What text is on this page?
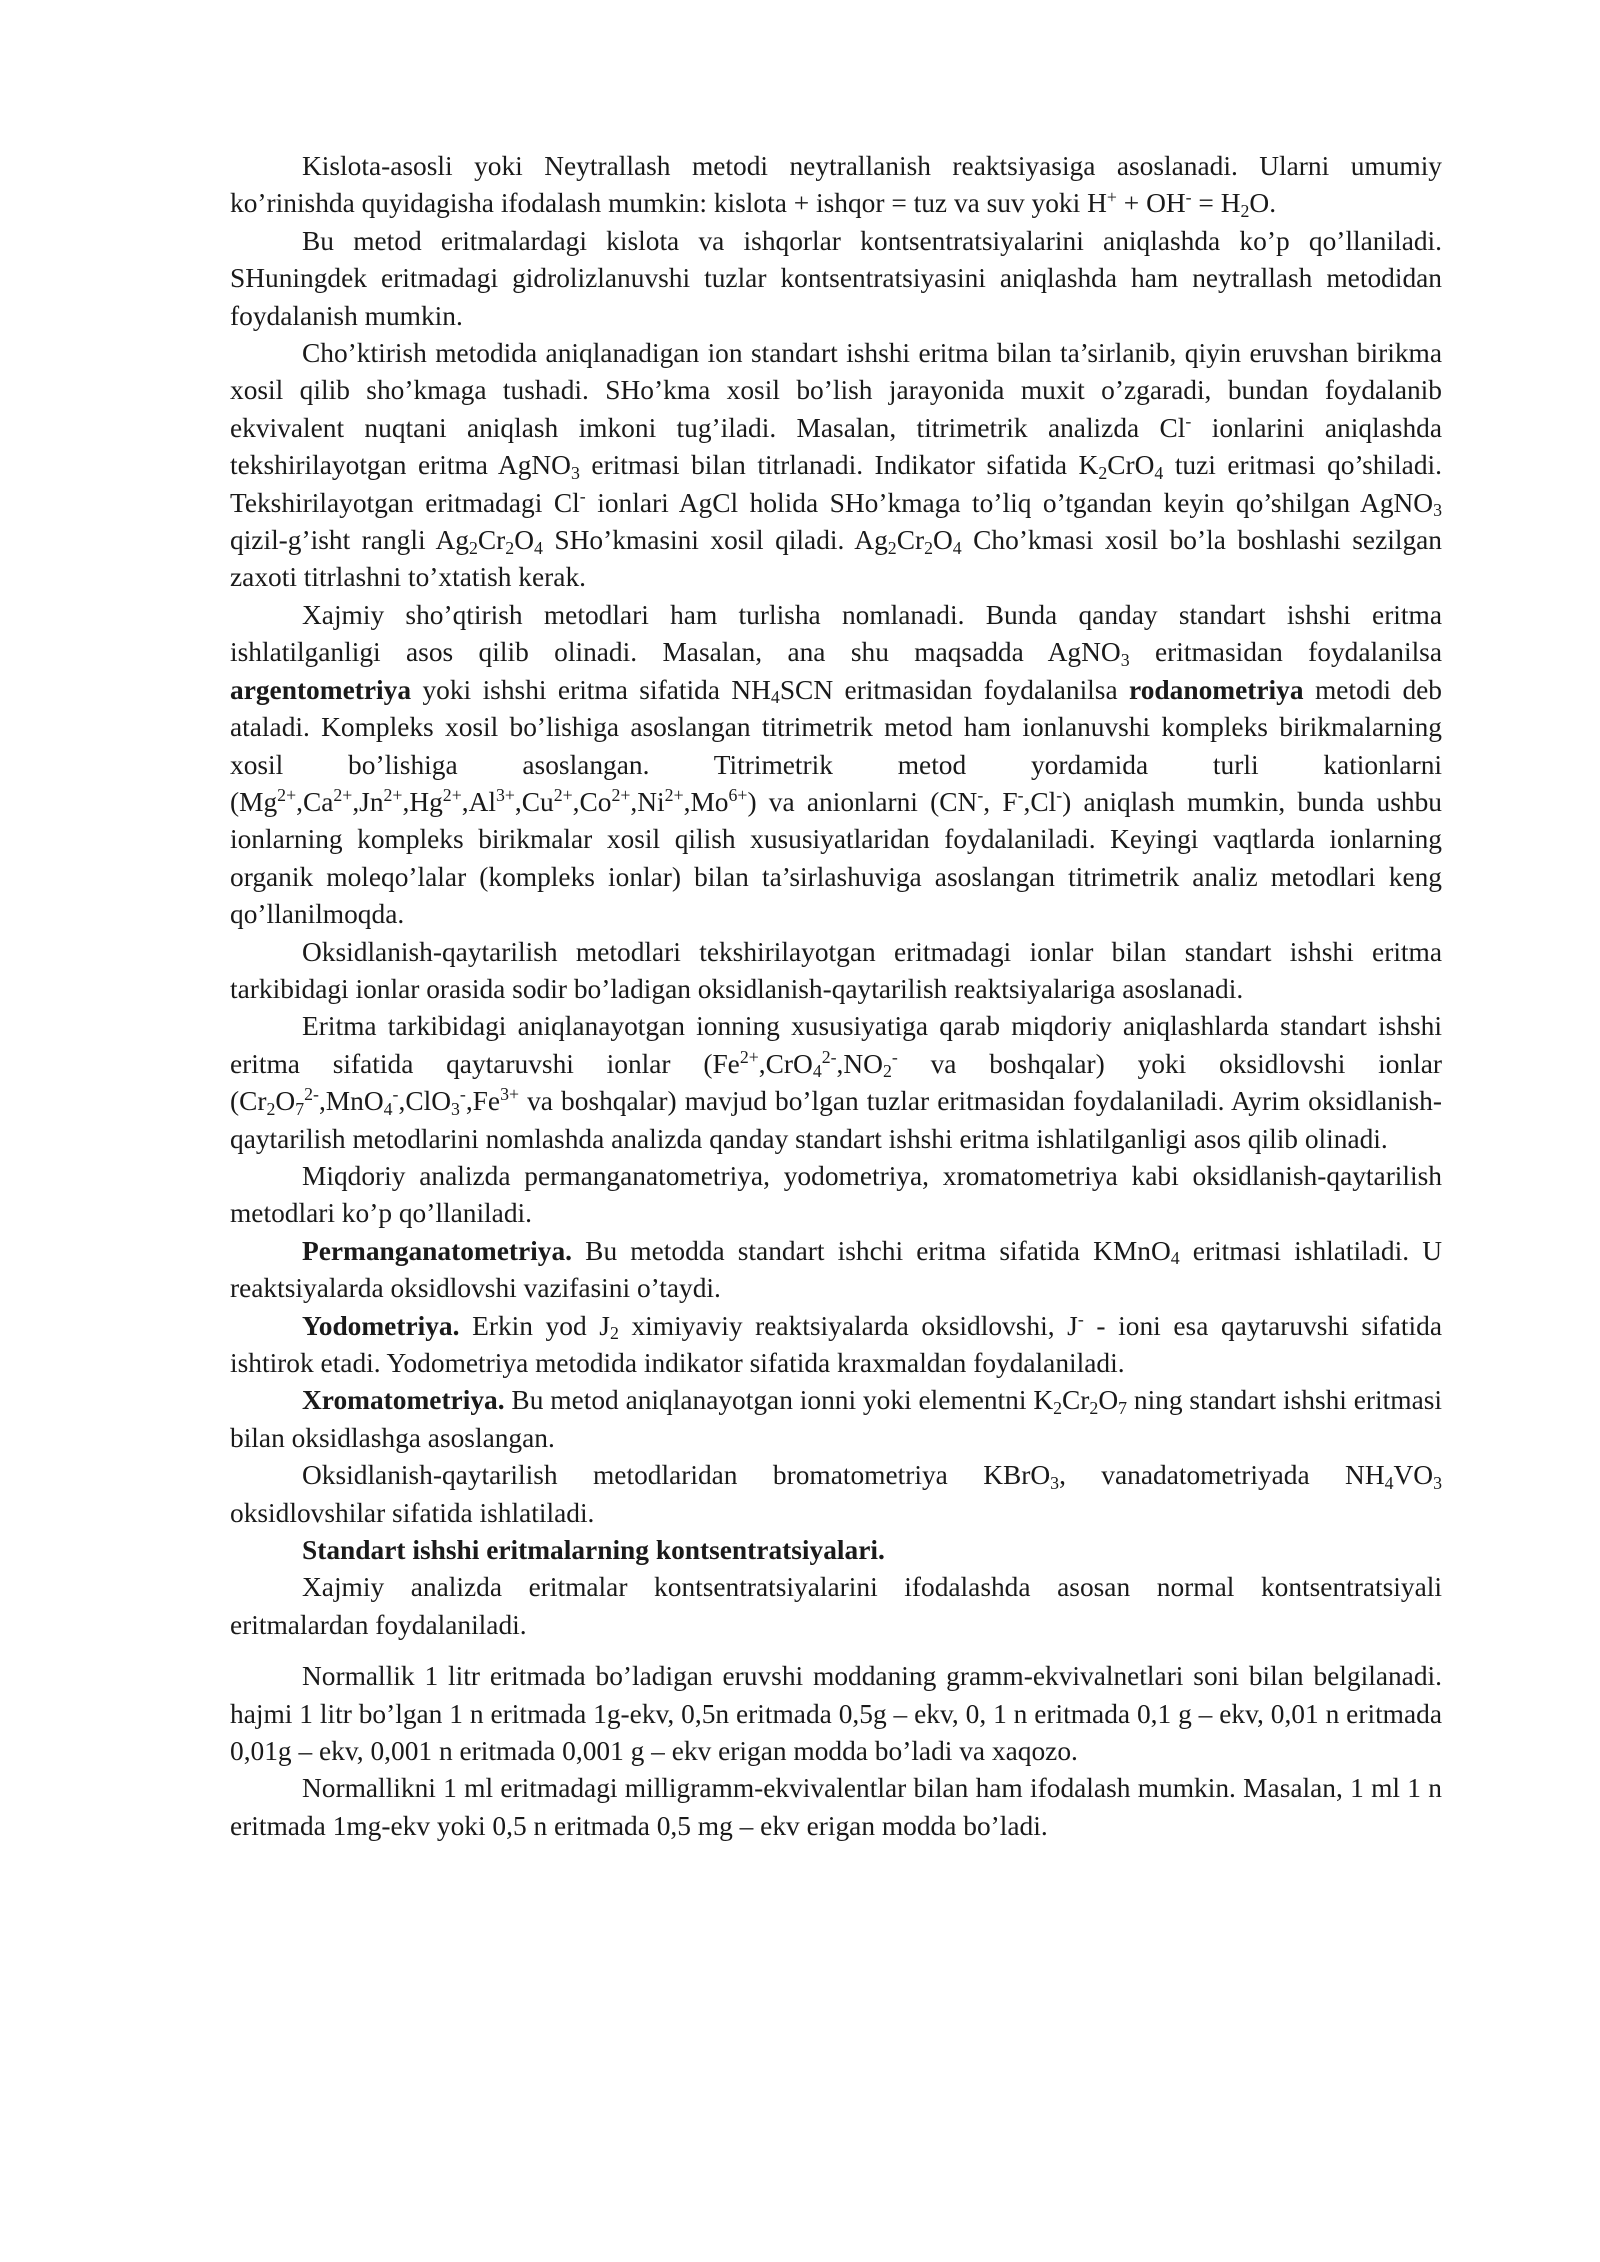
Kislota-asosli yoki Neytrallash metodi neytrallanish reaktsiyasiga asoslanadi. Ularni umumiy ko’rinishda quyidagisha ifodalash mumkin: kislota + ishqor = tuz va suv yoki $H^+ + OH^- = H_2O$.

Bu metod eritmalardagi kislota va ishqorlar kontsentratsiyalarini aniqlashda ko’p qo’llaniladi. SHuningdek eritmadagi gidrolizlanuvshi tuzlar kontsentratsiyasini aniqlashda ham neytrallash metodidan foydalanish mumkin.

Cho’ktirish metodida aniqlanadigan ion standart ishshi eritma bilan ta’sirlanib, qiyin eruvshan birikma xosil qilib sho’kmaga tushadi. SHo’kma xosil bo’lish jarayonida muxit o’zgaradi, bundan foydalanib ekvivalent nuqtani aniqlash imkoni tug’iladi. Masalan, titrimetrik analizda Cl- ionlarini aniqlashda tekshirilayotgan eritma AgNO$_3$ eritmasi bilan titrlanadi. Indikator sifatida $K_2CrO_4$ tuzi eritmasi qo’shiladi. Tekshirilayotgan eritmadagi Cl- ionlari AgCl holida SHo’kmaga to’liq o’tgandan keyin qo’shilgan AgNO$_3$ qizil-g’isht rangli $Ag_2Cr_2O_4$ SHo’kmasini xosil qiladi. $Ag_2Cr_2O_4$ Cho’kmasi xosil bo’la boshlashi sezilgan zaxoti titrlashni to’xtatish kerak.

Xajmiy sho’qtirish metodlari ham turlisha nomlanadi. Bunda qanday standart ishshi eritma ishlatilganligi asos qilib olinadi. Masalan, ana shu maqsadda AgNO$_3$ eritmasidan foydalanilsa argentometriya yoki ishshi eritma sifatida $NH_4SCN$ eritmasidan foydalanilsa rodanometriya metodi deb ataladi. Kompleks xosil bo’lishiga asoslangan titrimetrik metod ham ionlanuvshi kompleks birikmalarning xosil bo’lishiga asoslangan. Titrimetrik metod yordamida turli kationlarni $(Mg^{2+},Ca^{2+},Jn^{2+},Hg^{2+},Al^{3+},Cu^{2+},Co^{2+},Ni^{2+},Mo^{6+})$ va anionlarni (CN-, F-,Cl-) aniqlash mumkin, bunda ushbu ionlarning kompleks birikmalar xosil qilish xususiyatlaridan foydalaniladi. Keyingi vaqtlarda ionlarning organik moleqo’lalar (kompleks ionlar) bilan ta’sirlashuviga asoslangan titrimetrik analiz metodlari keng qo’llanilmoqda.

Oksidlanish-qaytarilish metodlari tekshirilayotgan eritmadagi ionlar bilan standart ishshi eritma tarkibidagi ionlar orasida sodir bo’ladigan oksidlanish-qaytarilish reaktsiyalariga asoslanadi.

Eritma tarkibidagi aniqlanayotgan ionning xususiyatiga qarab miqdoriy aniqlashlarda standart ishshi eritma sifatida qaytaruvshi ionlar ($Fe^{2+},CrO_4^{2-},NO_2^-$ va boshqalar) yoki oksidlovshi ionlar ($Cr_2O_7^{2-},MnO_4^-,ClO_3^-,Fe^{3+}$ va boshqalar) mavjud bo’lgan tuzlar eritmasidan foydalaniladi. Ayrim oksidlanish-qaytarilish metodlarini nomlashda analizda qanday standart ishshi eritma ishlatilganligi asos qilib olinadi.

Miqdoriy analizda permanganatometriya, yodometriya, xromatometriya kabi oksidlanish-qaytarilish metodlari ko’p qo’llaniladi.

Permanganatometriya. Bu metodda standart ishchi eritma sifatida KMnO$_4$ eritmasi ishlatiladi. U reaktsiyalarda oksidlovshi vazifasini o’taydi.

Yodometriya. Erkin yod $J_2$ ximiyaviy reaktsiyalarda oksidlovshi, J- - ioni esa qaytaruvshi sifatida ishtirok etadi. Yodometriya metodida indikator sifatida kraxmaldan foydalaniladi.

Xromatometriya. Bu metod aniqlanayotgan ionni yoki elementni $K_2Cr_2O_7$ ning standart ishshi eritmasi bilan oksidlashga asoslangan.

Oksidlanish-qaytarilish metodlaridan bromatometriya KBrO$_3$, vanadatometriyada $NH_4VO_3$ oksidlovshilar sifatida ishlatiladi.

Standart ishshi eritmalarning kontsentratsiyalari.

Xajmiy analizda eritmalar kontsentratsiyalarini ifodalashda asosan normal kontsentratsiyali eritmalardan foydalaniladi.

Normallik 1 litr eritmada bo’ladigan eruvshi moddaning gramm-ekvivalnetlari soni bilan belgilanadi. hajmi 1 litr bo’lgan 1 n eritmada 1g-ekv, 0,5n eritmada 0,5g – ekv, 0, 1 n eritmada 0,1 g – ekv, 0,01 n eritmada 0,01g – ekv, 0,001 n eritmada 0,001 g – ekv erigan modda bo’ladi va xaqozo.

Normallikni 1 ml eritmadagi milligramm-ekvivalentlar bilan ham ifodalash mumkin. Masalan, 1 ml 1 n eritmada 1mg-ekv yoki 0,5 n eritmada 0,5 mg – ekv erigan modda bo’ladi.
